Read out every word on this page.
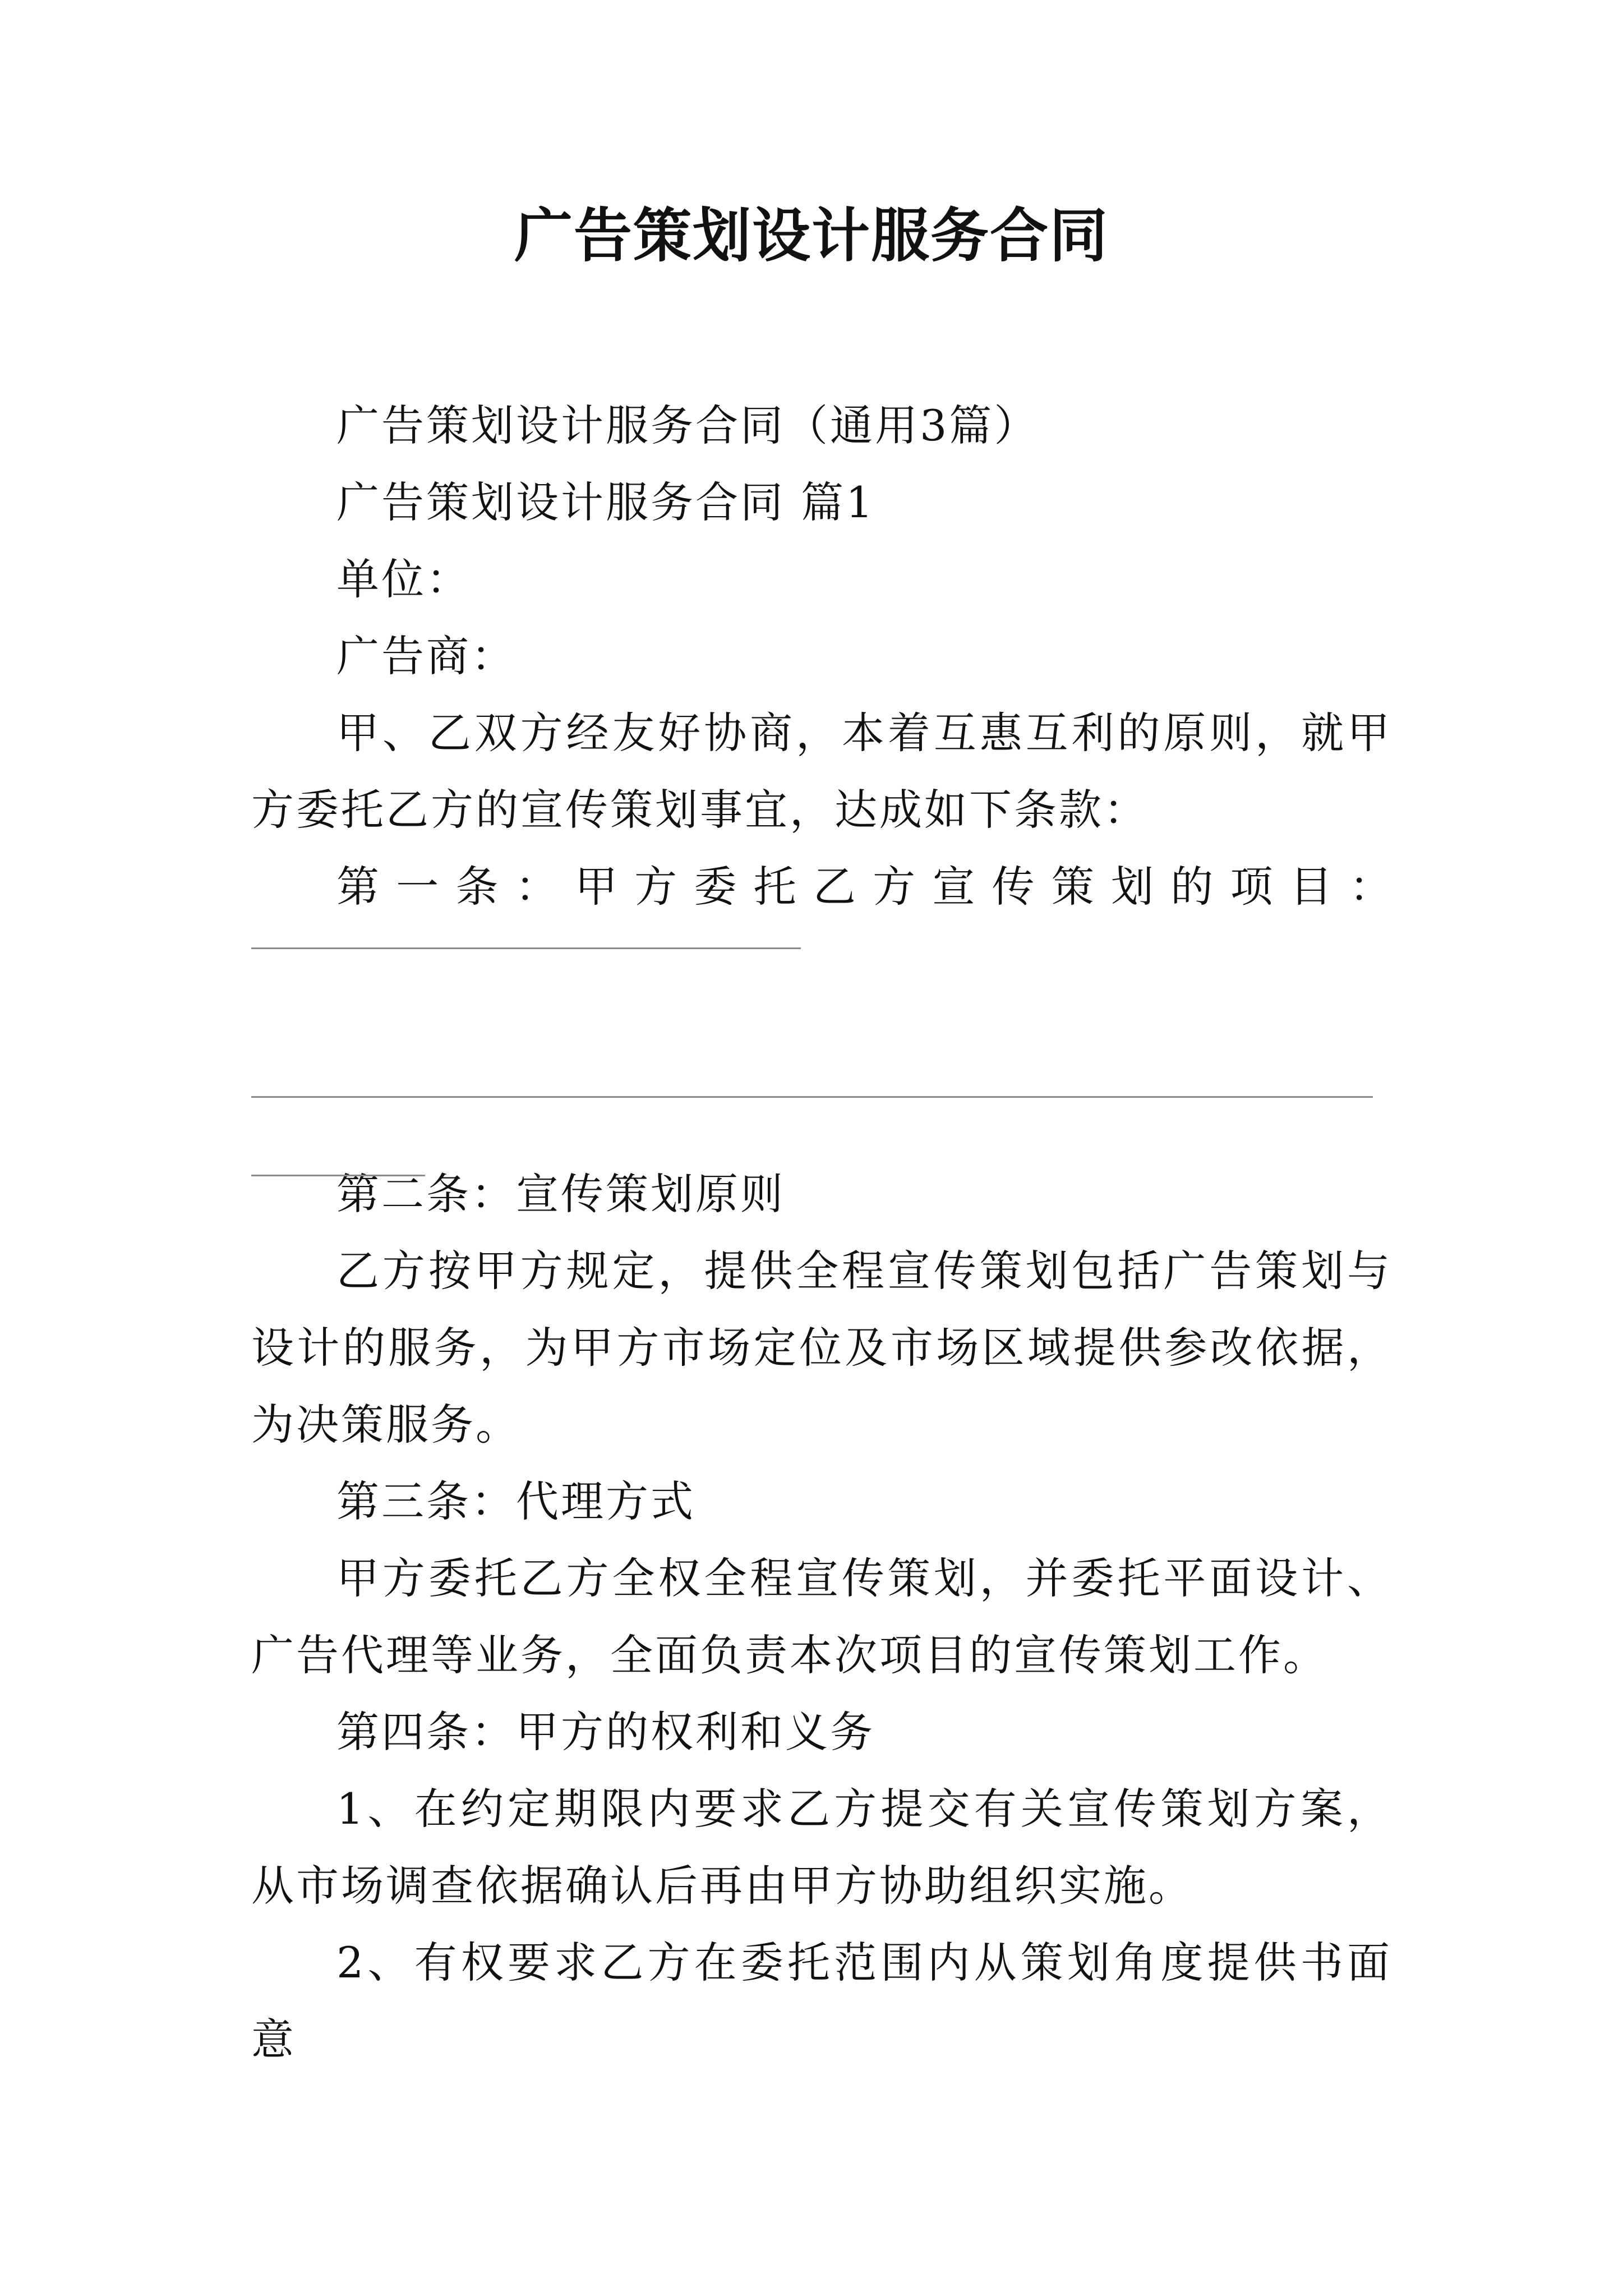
广告策划设计服务合同

广告策划设计服务合同（通用3篇）

广告策划设计服务合同 篇1

单位：

广告商：

甲、乙双方经友好协商，本着互惠互利的原则，就甲方委托乙方的宣传策划事宜，达成如下条款：

第 一 条 ： 甲 方 委 托 乙 方 宣 传 策 划 的 项 目 ：

第二条：宣传策划原则

乙方按甲方规定，提供全程宣传策划包括广告策划与设计的服务，为甲方市场定位及市场区域提供参改依据，为决策服务。

第三条：代理方式

甲方委托乙方全权全程宣传策划，并委托平面设计、广告代理等业务，全面负责本次项目的宣传策划工作。

第四条：甲方的权利和义务

1、在约定期限内要求乙方提交有关宣传策划方案，从市场调查依据确认后再由甲方协助组织实施。

2、有权要求乙方在委托范围内从策划角度提供书面意
